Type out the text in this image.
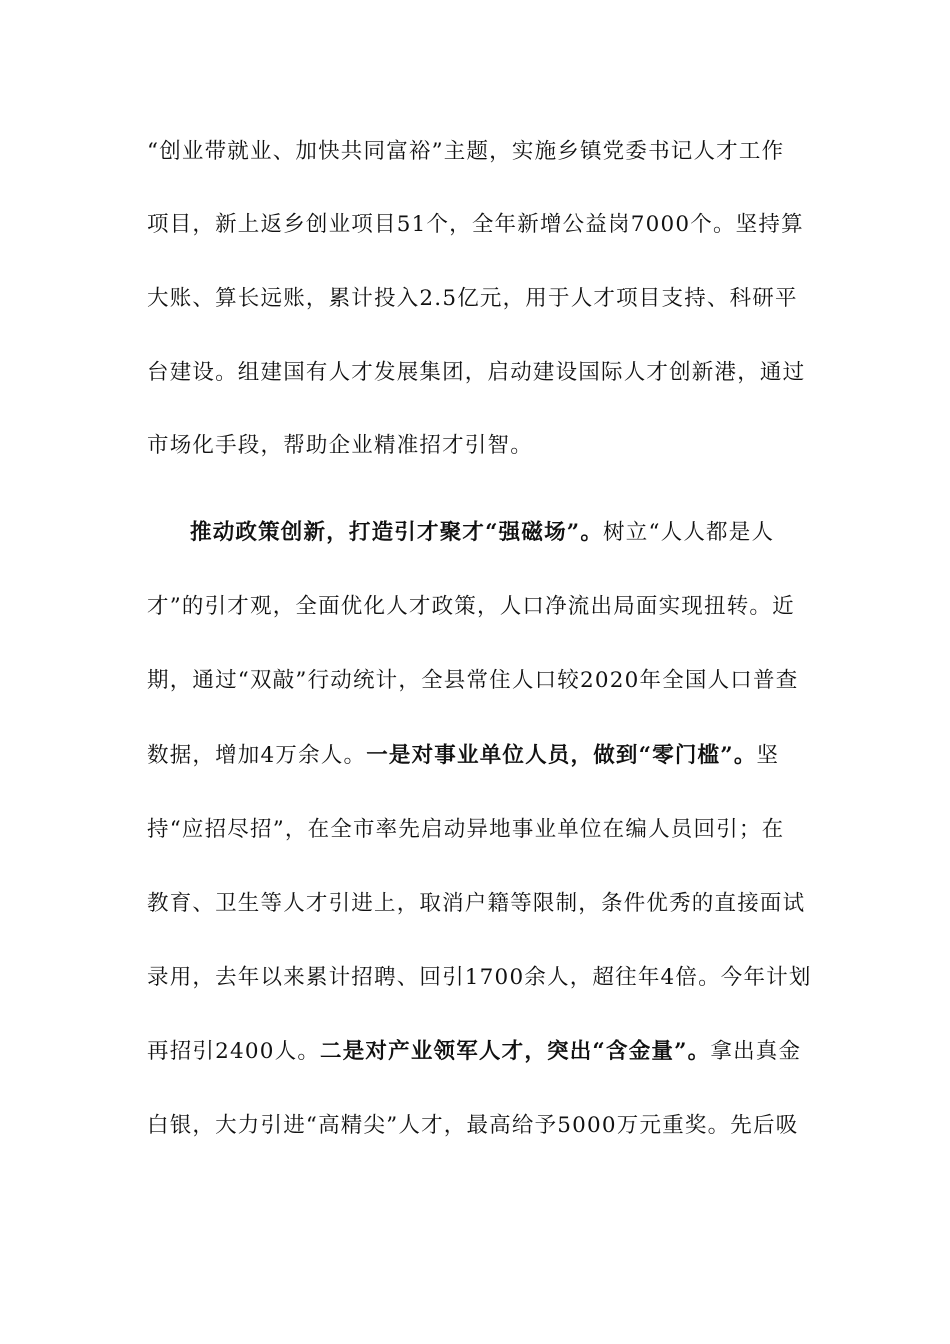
“创业带就业、加快共同富裕”主题，实施乡镇党委书记人才工作
项目，新上返乡创业项目51个，全年新增公益岗7000个。坚持算
大账、算长远账，累计投入2.5亿元，用于人才项目支持、科研平
台建设。组建国有人才发展集团，启动建设国际人才创新港，通过
市场化手段，帮助企业精准招才引智。
推动政策创新，打造引才聚才“强磁场”。树立“人人都是人
才”的引才观，全面优化人才政策，人口净流出局面实现扭转。近
期，通过“双敲”行动统计，全县常住人口较2020年全国人口普查
数据，增加4万余人。一是对事业单位人员，做到“零门槛”。坚
持“应招尽招”，在全市率先启动异地事业单位在编人员回引；在
教育、卫生等人才引进上，取消户籍等限制，条件优秀的直接面试
录用，去年以来累计招聘、回引1700余人，超往年4倍。今年计划
再招引2400人。二是对产业领军人才，突出“含金量”。拿出真金
白银，大力引进“高精尖”人才，最高给予5000万元重奖。先后吸
